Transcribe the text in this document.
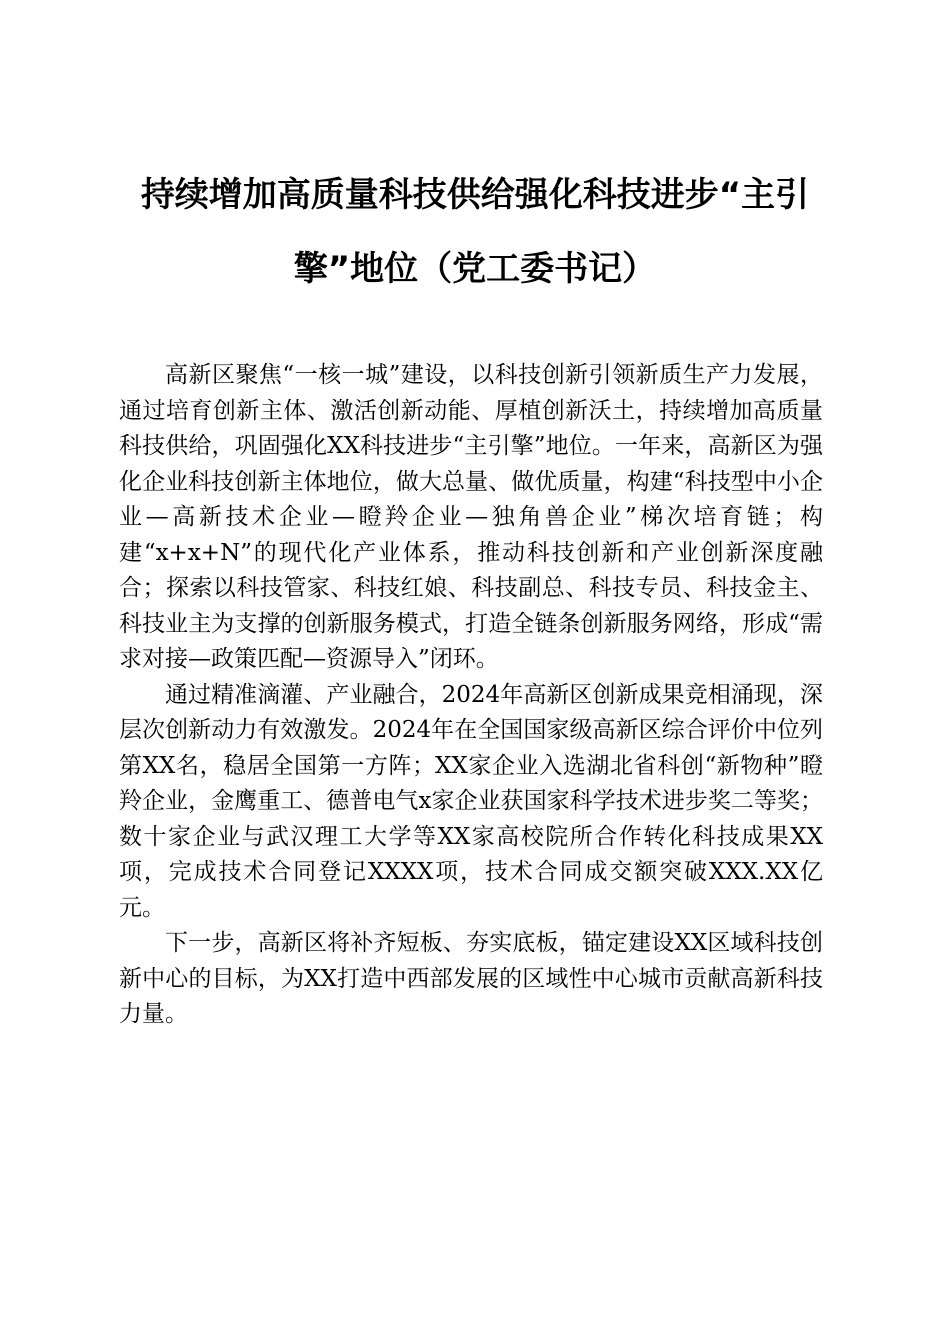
持续增加高质量科技供给强化科技进步“主引擎”地位（党工委书记）

高新区聚焦“一核一城”建设，以科技创新引领新质生产力发展，通过培育创新主体、激活创新动能、厚植创新沃土，持续增加高质量科技供给，巩固强化XX科技进步“主引擎”地位。一年来，高新区为强化企业科技创新主体地位，做大总量、做优质量，构建“科技型中小企业—高新技术企业—瞪羚企业—独角兽企业”梯次培育链；构建“x+x+N”的现代化产业体系，推动科技创新和产业创新深度融合；探索以科技管家、科技红娘、科技副总、科技专员、科技金主、科技业主为支撑的创新服务模式，打造全链条创新服务网络，形成“需求对接—政策匹配—资源导入”闭环。

通过精准滴灌、产业融合，2024年高新区创新成果竞相涌现，深层次创新动力有效激发。2024年在全国国家级高新区综合评价中位列第XX名，稳居全国第一方阵；XX家企业入选湖北省科创“新物种”瞪羚企业，金鹰重工、德普电气x家企业获国家科学技术进步奖二等奖；数十家企业与武汉理工大学等XX家高校院所合作转化科技成果XX项，完成技术合同登记XXXX项，技术合同成交额突破XXX.XX亿元。

下一步，高新区将补齐短板、夯实底板，锚定建设XX区域科技创新中心的目标，为XX打造中西部发展的区域性中心城市贡献高新科技力量。
